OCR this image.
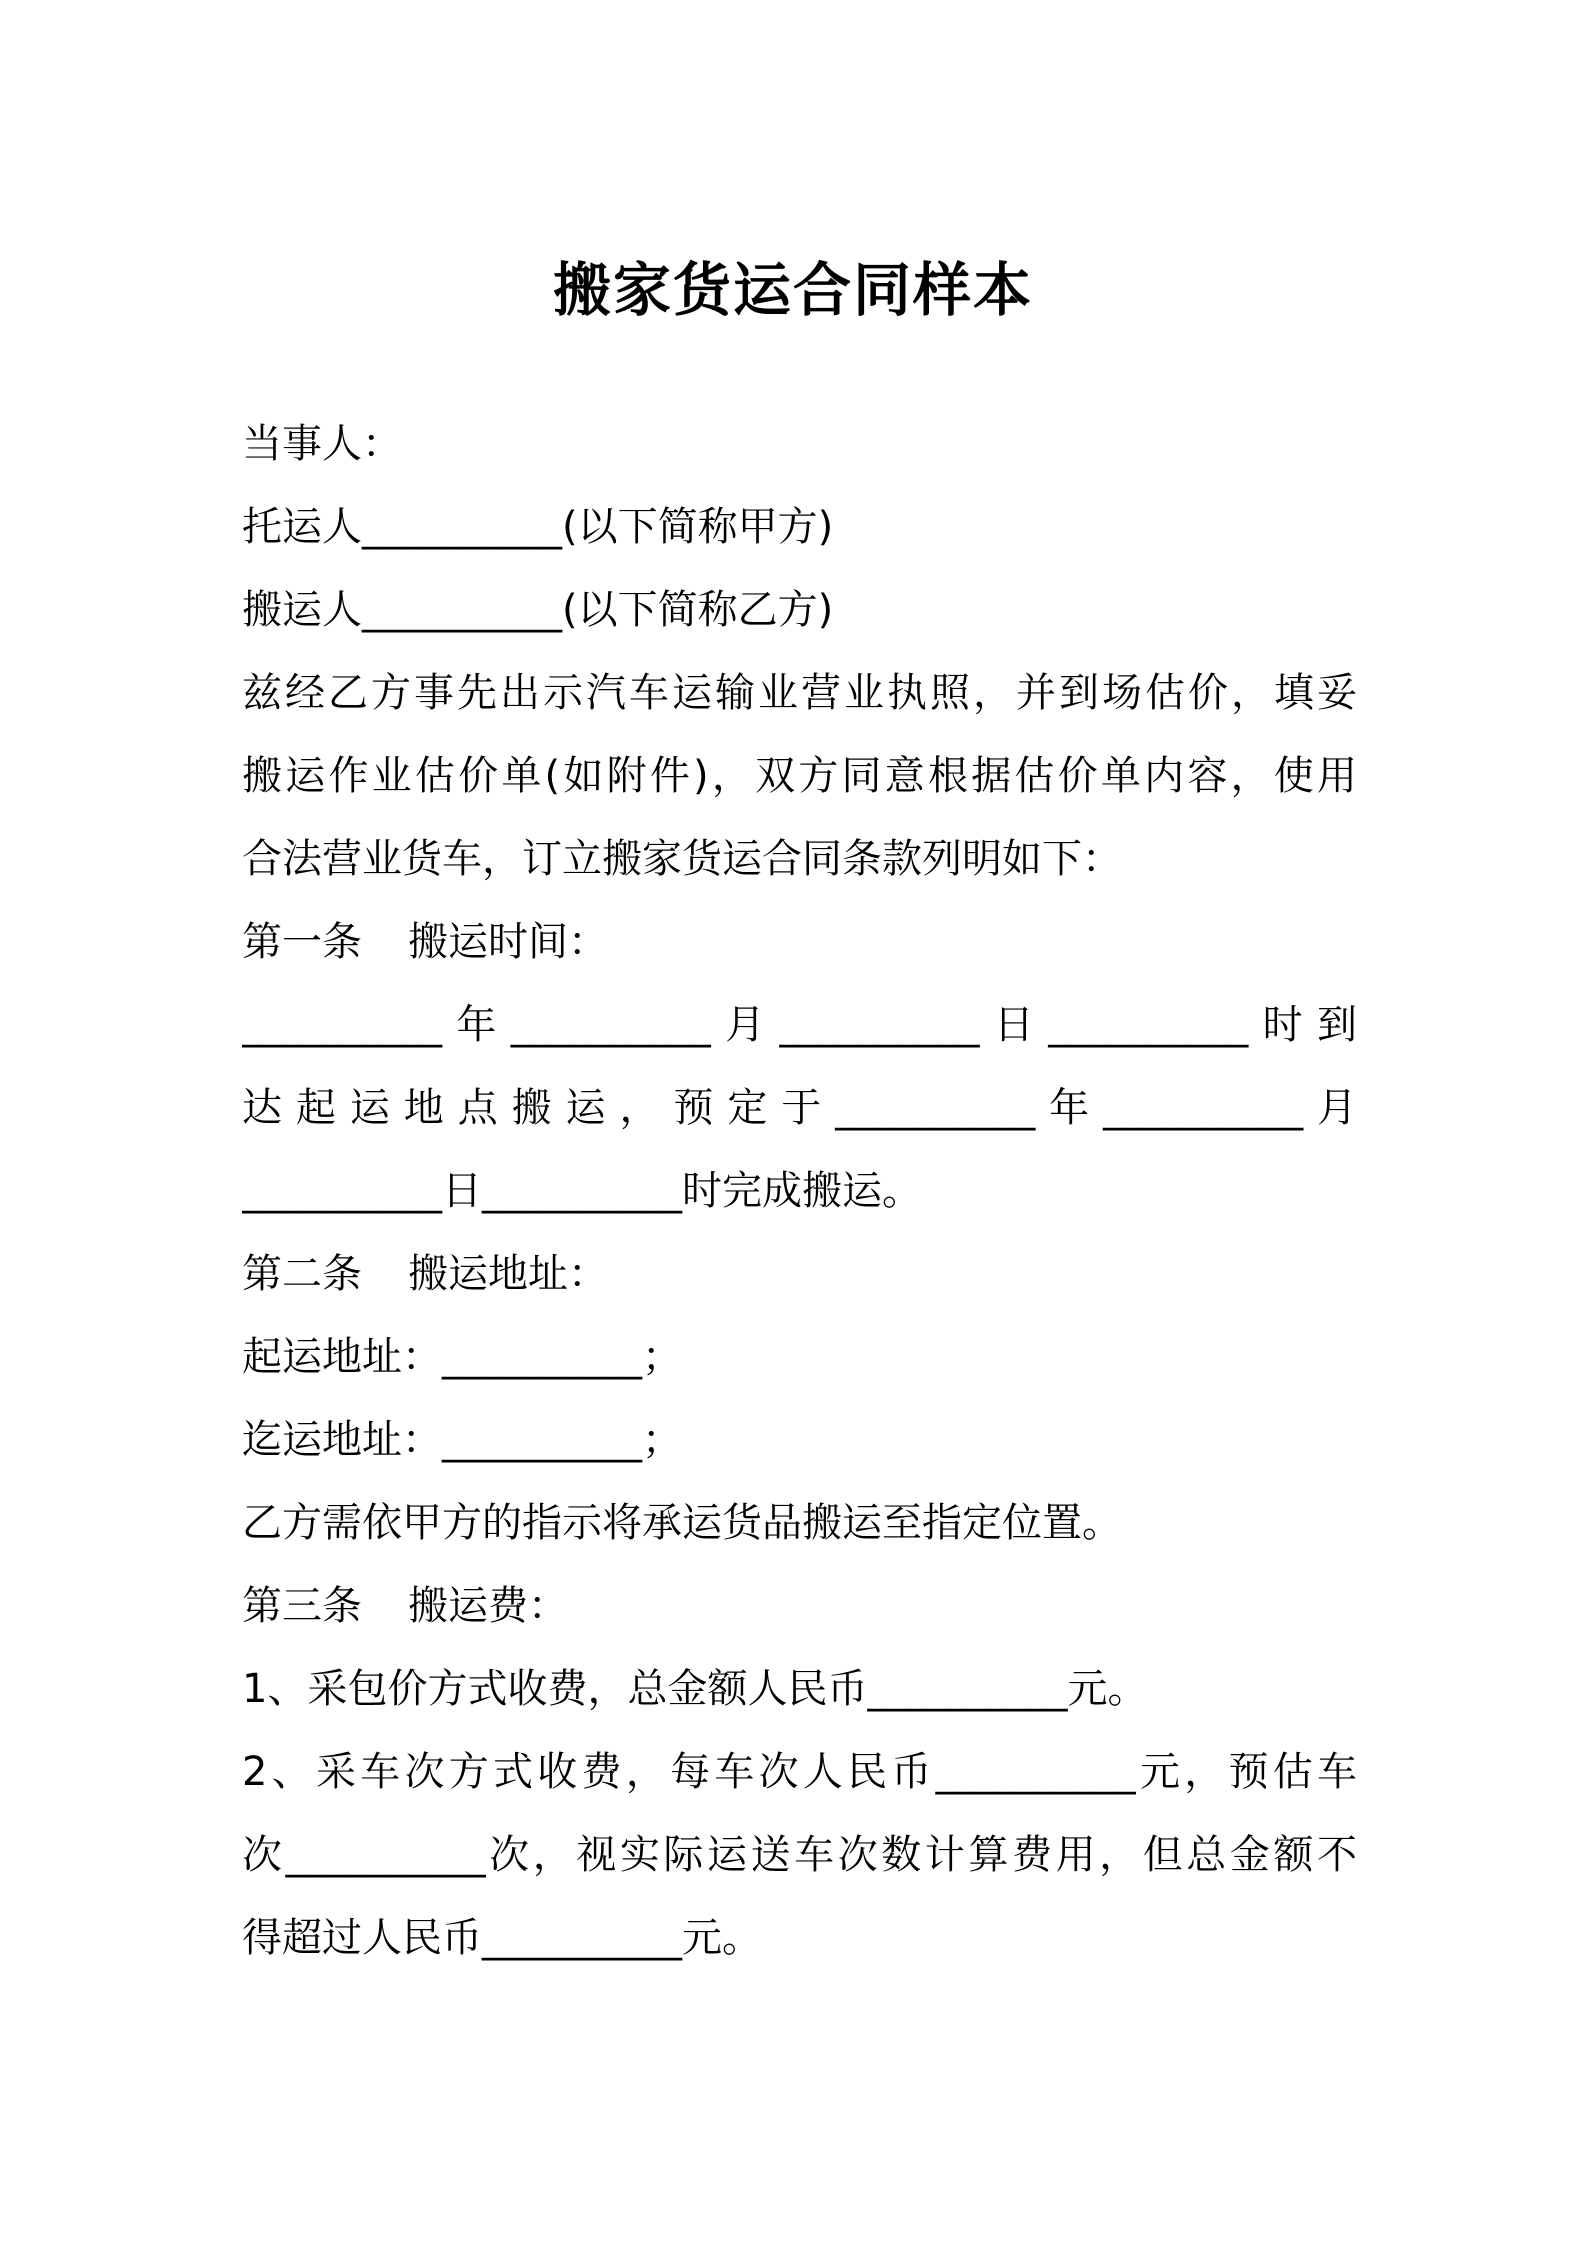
搬家货运合同样本
当事人：
托运人__________(以下简称甲方)
搬运人__________(以下简称乙方)
兹经乙方事先出示汽车运输业营业执照，并到场估价，填妥
搬运作业估价单(如附件)，双方同意根据估价单内容，使用
合法营业货车，订立搬家货运合同条款列明如下：
第一条 搬运时间：
__________年__________月__________日__________时到
达起运地点搬运，预定于__________年__________月
__________日__________时完成搬运。
第二条 搬运地址：
起运地址：__________；
迄运地址：__________；
乙方需依甲方的指示将承运货品搬运至指定位置。
第三条 搬运费：
1、采包价方式收费，总金额人民币__________元。
2、采车次方式收费，每车次人民币__________元，预估车
次__________次，视实际运送车次数计算费用，但总金额不
得超过人民币__________元。
